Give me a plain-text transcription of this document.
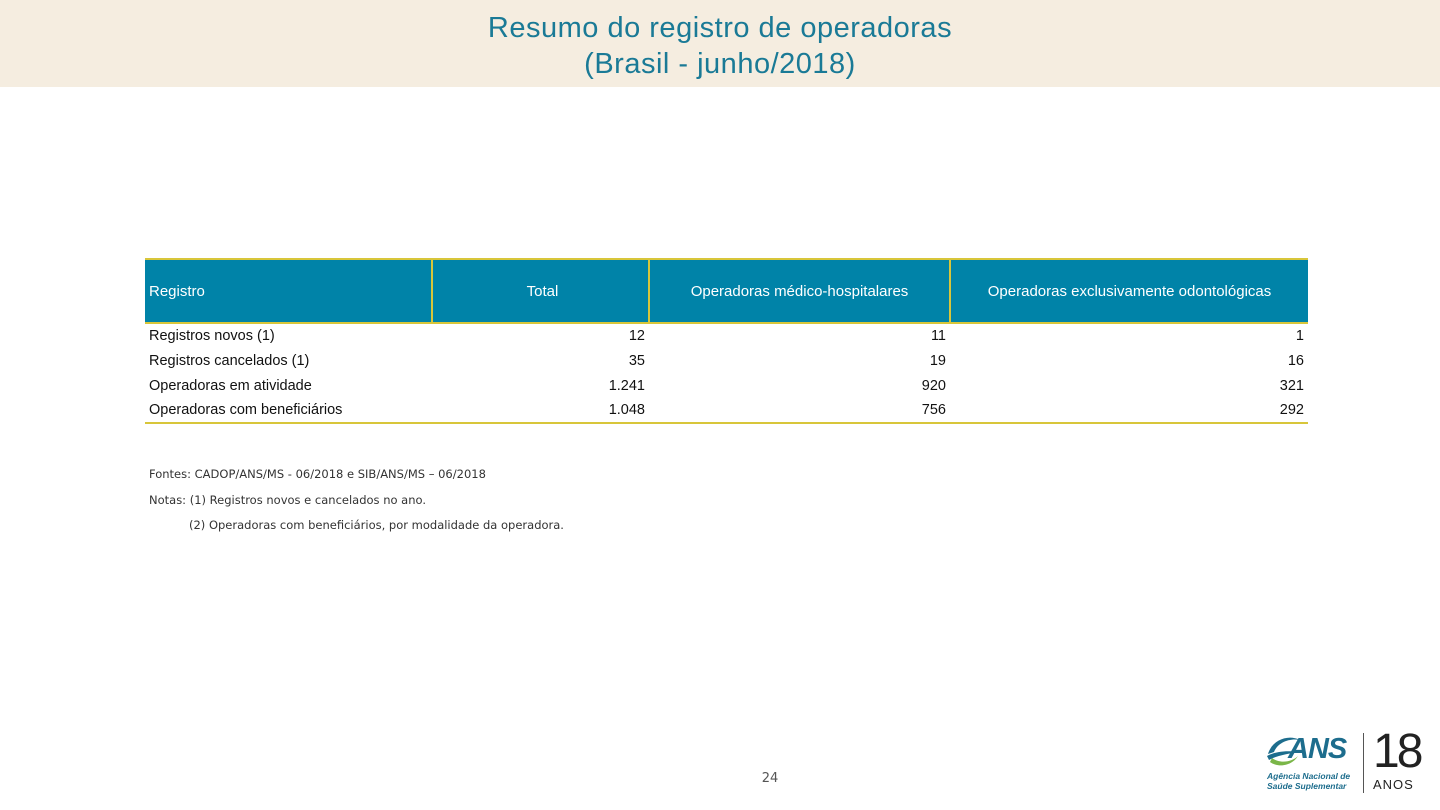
Resumo do registro de operadoras
(Brasil - junho/2018)
Registro	Total	Operadoras médico-hospitalares	Operadoras exclusivamente odontológicas
Registros novos (1)	12	11	1
Registros cancelados (1)	35	19	16
Operadoras em atividade	1.241	920	321
Operadoras com beneficiários	1.048	756	292
Fontes: CADOP/ANS/MS - 06/2018 e SIB/ANS/MS – 06/2018
Notas: (1) Registros novos e cancelados no ano.
(2) Operadoras com beneficiários, por modalidade da operadora.
24
ANS
Agência Nacional de
Saúde Suplementar
18
ANOS
